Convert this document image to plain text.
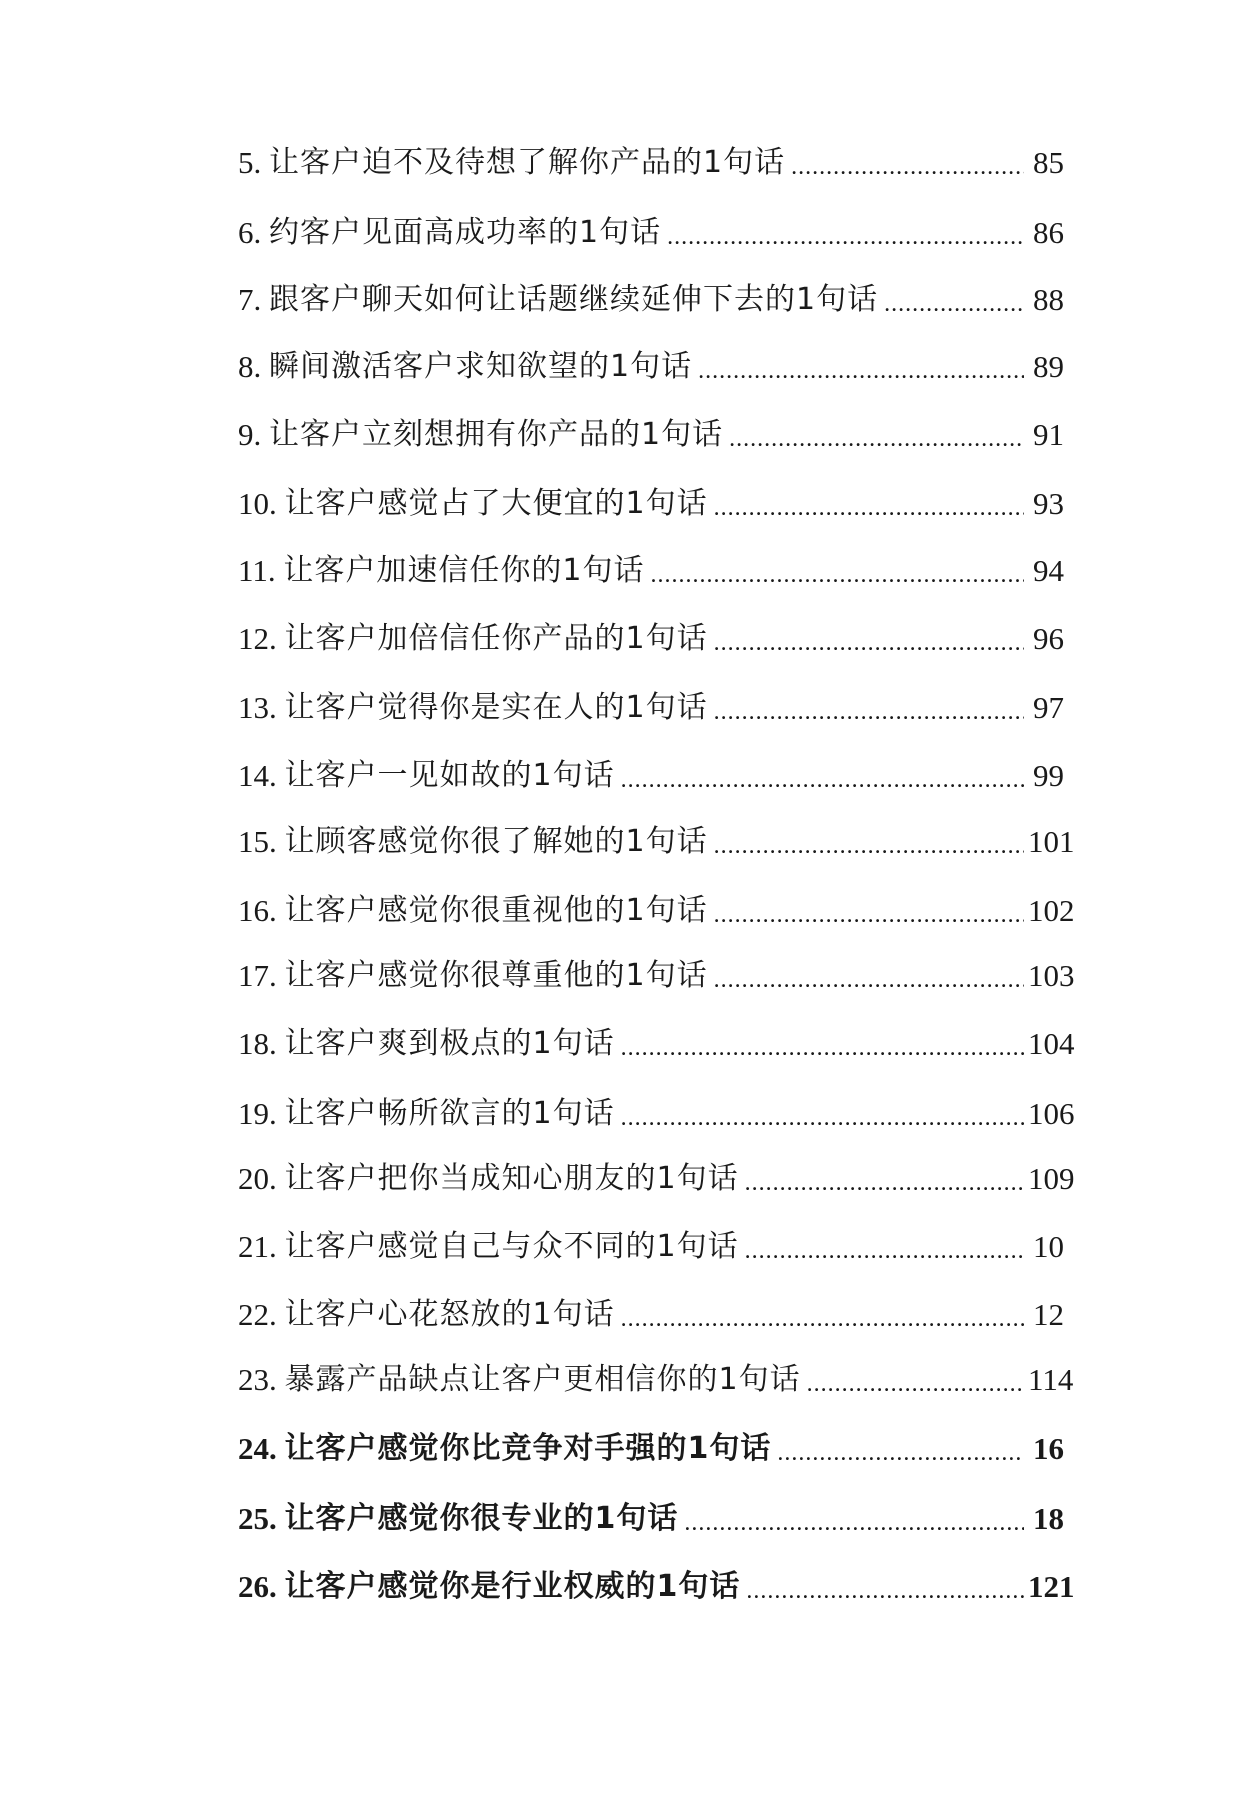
5. 让客户迫不及待想了解你产品的1句话 .....	85
6. 约客户见面高成功率的1句话 .....	86
7. 跟客户聊天如何让话题继续延伸下去的1句话 .....	88
8. 瞬间激活客户求知欲望的1句话 .....	89
9. 让客户立刻想拥有你产品的1句话 .....	91
10. 让客户感觉占了大便宜的1句话 .....	93
11. 让客户加速信任你的1句话 .....	94
12. 让客户加倍信任你产品的1句话 .....	96
13. 让客户觉得你是实在人的1句话 .....	97
14. 让客户一见如故的1句话 .....	99
15. 让顾客感觉你很了解她的1句话 .....	101
16. 让客户感觉你很重视他的1句话 .....	102
17. 让客户感觉你很尊重他的1句话 .....	103
18. 让客户爽到极点的1句话 .....	104
19. 让客户畅所欲言的1句话 .....	106
20. 让客户把你当成知心朋友的1句话 .....	109
21. 让客户感觉自己与众不同的1句话 .....	10
22. 让客户心花怒放的1句话 .....	12
23. 暴露产品缺点让客户更相信你的1句话 .....	114
24. 让客户感觉你比竞争对手强的1句话 .....	16
25. 让客户感觉你很专业的1句话 .....	18
26. 让客户感觉你是行业权威的1句话 .....	121
